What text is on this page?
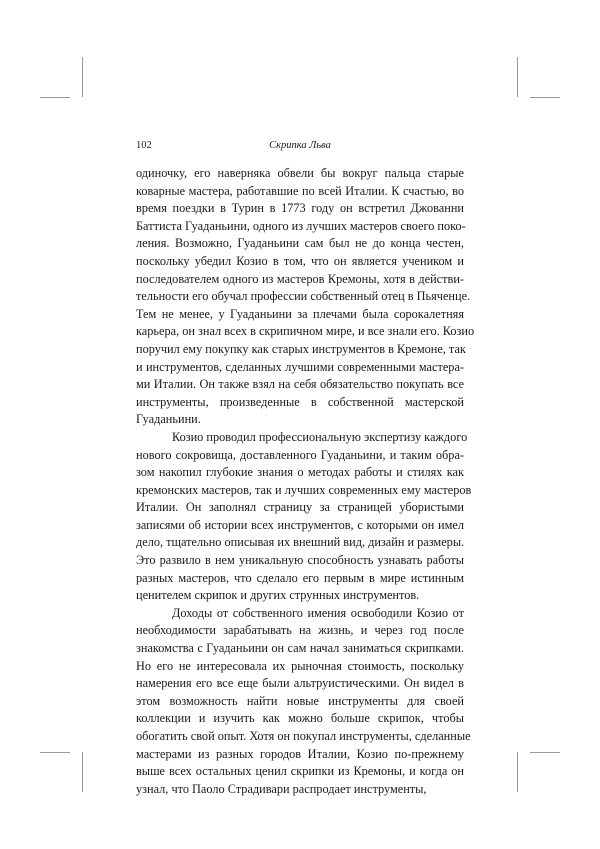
102	Скрипка Льва
одиночку, его наверняка обвели бы вокруг пальца старые
коварные мастера, работавшие по всей Италии. К счастью, во
время поездки в Турин в 1773 году он встретил Джованни
Баттиста Гуаданьини, одного из лучших мастеров своего поко-
ления. Возможно, Гуаданьини сам был не до конца честен,
поскольку убедил Козио в том, что он является учеником и
последователем одного из мастеров Кремоны, хотя в действи-
тельности его обучал профессии собственный отец в Пьяченце.
Тем не менее, у Гуаданьини за плечами была сорокалетняя
карьера, он знал всех в скрипичном мире, и все знали его. Козио
поручил ему покупку как старых инструментов в Кремоне, так
и инструментов, сделанных лучшими современными мастера-
ми Италии. Он также взял на себя обязательство покупать все
инструменты, произведенные в собственной мастерской
Гуаданьини.
Козио проводил профессиональную экспертизу каждого
нового сокровища, доставленного Гуаданьини, и таким обра-
зом накопил глубокие знания о методах работы и стилях как
кремонских мастеров, так и лучших современных ему мастеров
Италии. Он заполнял страницу за страницей убористыми
записями об истории всех инструментов, с которыми он имел
дело, тщательно описывая их внешний вид, дизайн и размеры.
Это развило в нем уникальную способность узнавать работы
разных мастеров, что сделало его первым в мире истинным
ценителем скрипок и других струнных инструментов.
Доходы от собственного имения освободили Козио от
необходимости зарабатывать на жизнь, и через год после
знакомства с Гуаданьини он сам начал заниматься скрипками.
Но его не интересовала их рыночная стоимость, поскольку
намерения его все еще были альтруистическими. Он видел в
этом возможность найти новые инструменты для своей
коллекции и изучить как можно больше скрипок, чтобы
обогатить свой опыт. Хотя он покупал инструменты, сделанные
мастерами из разных городов Италии, Козио по-прежнему
выше всех остальных ценил скрипки из Кремоны, и когда он
узнал, что Паоло Страдивари распродает инструменты,
